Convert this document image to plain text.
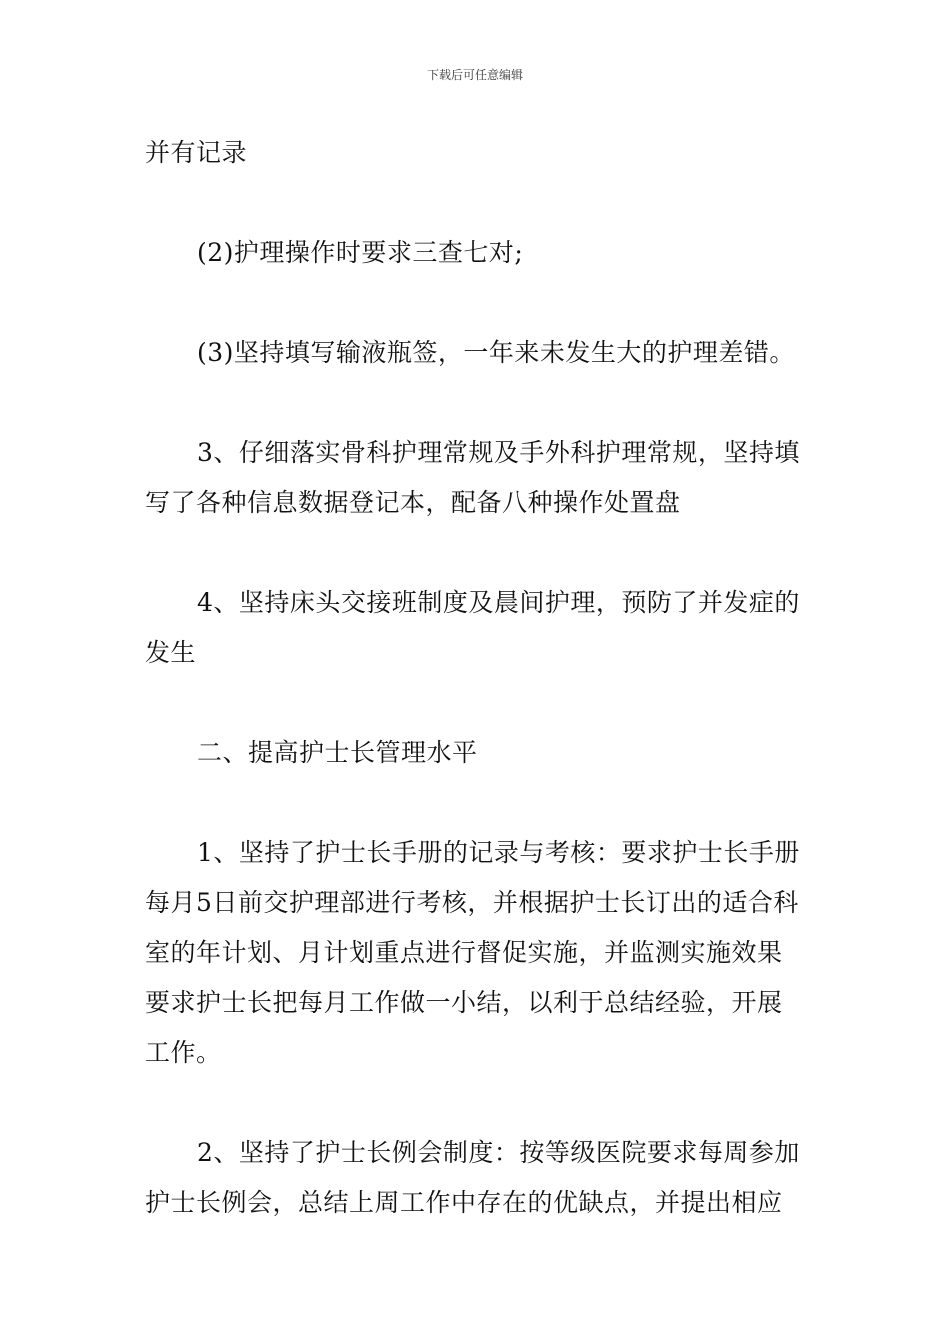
下载后可任意编辑

并有记录

(2)护理操作时要求三查七对;

(3)坚持填写输液瓶签，一年来未发生大的护理差错。

3、仔细落实骨科护理常规及手外科护理常规，坚持填写了各种信息数据登记本，配备八种操作处置盘

4、坚持床头交接班制度及晨间护理，预防了并发症的发生

二、提高护士长管理水平

1、坚持了护士长手册的记录与考核：要求护士长手册每月5日前交护理部进行考核，并根据护士长订出的适合科室的年计划、月计划重点进行督促实施，并监测实施效果要求护士长把每月工作做一小结，以利于总结经验，开展工作。

2、坚持了护士长例会制度：按等级医院要求每周参加护士长例会，总结上周工作中存在的优缺点，并提出相应
